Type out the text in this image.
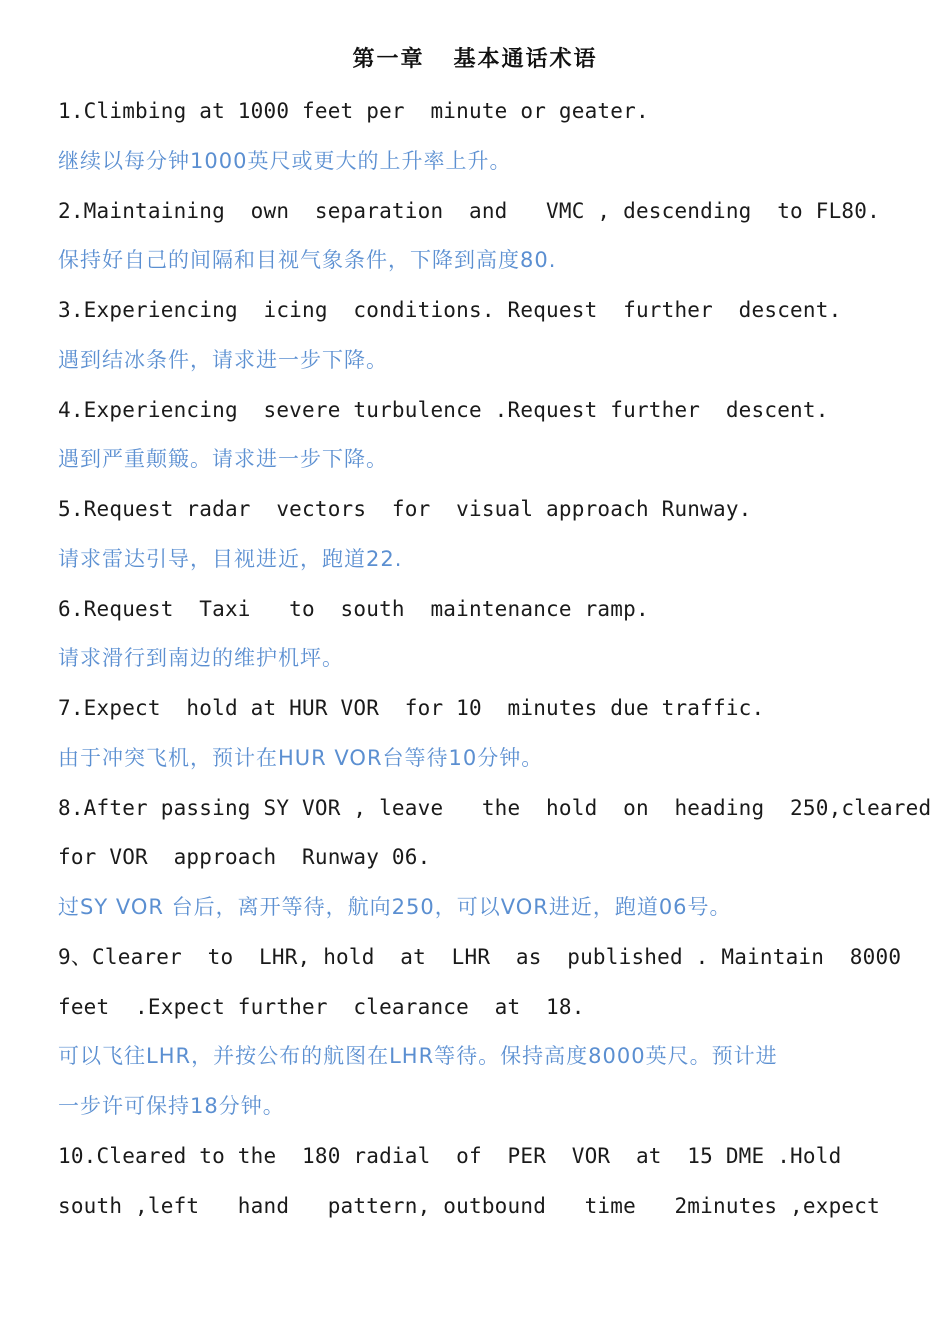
第一章   基本通话术语
1.Climbing at 1000 feet per  minute or geater.
继续以每分钟1000英尺或更大的上升率上升。
2.Maintaining  own  separation  and   VMC , descending  to FL80.
保持好自己的间隔和目视气象条件，下降到高度80.
3.Experiencing  icing  conditions. Request  further  descent.
遇到结冰条件，请求进一步下降。
4.Experiencing  severe turbulence .Request further  descent.
遇到严重颠簸。请求进一步下降。
5.Request radar  vectors  for  visual approach Runway.
请求雷达引导，目视进近，跑道22.
6.Request  Taxi   to  south  maintenance ramp.
请求滑行到南边的维护机坪。
7.Expect  hold at HUR VOR  for 10  minutes due traffic.
由于冲突飞机，预计在HUR VOR台等待10分钟。
8.After passing SY VOR , leave   the  hold  on  heading  250,cleared
for VOR  approach  Runway 06.
过SY VOR 台后，离开等待，航向250，可以VOR进近，跑道06号。
9、Clearer  to  LHR, hold  at  LHR  as  published . Maintain  8000
feet  .Expect further  clearance  at  18.
可以飞往LHR，并按公布的航图在LHR等待。保持高度8000英尺。预计进
一步许可保持18分钟。
10.Cleared to the  180 radial  of  PER  VOR  at  15 DME .Hold
south ,left   hand   pattern, outbound   time   2minutes ,expect
